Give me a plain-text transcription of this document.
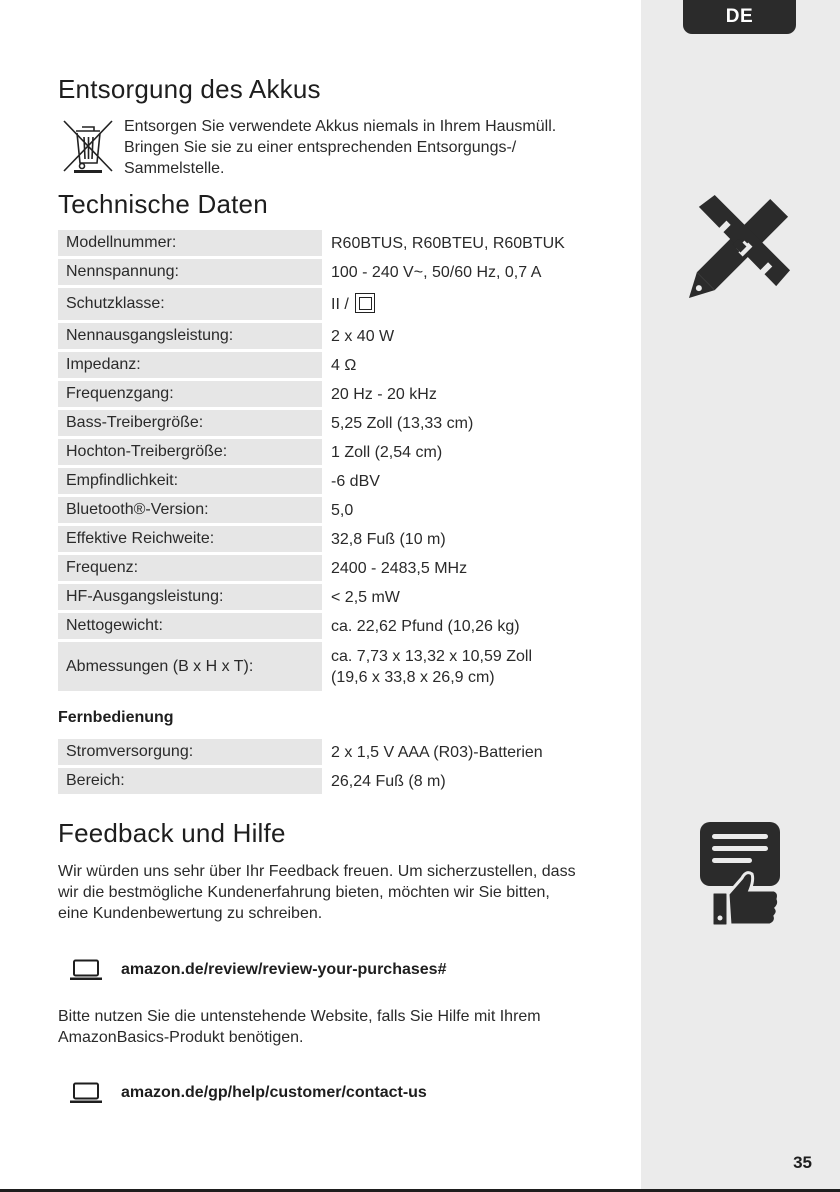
DE
Entsorgung des Akkus
Entsorgen Sie verwendete Akkus niemals in Ihrem Hausmüll.
Bringen Sie sie zu einer entsprechenden Entsorgungs-/
Sammelstelle.
Technische Daten
Modellnummer:	R60BTUS, R60BTEU, R60BTUK
Nennspannung:	100 - 240 V~, 50/60 Hz, 0,7 A
Schutzklasse:	II /
Nennausgangsleistung:	2 x 40 W
Impedanz:	4 Ω
Frequenzgang:	20 Hz - 20 kHz
Bass-Treibergröße:	5,25 Zoll (13,33 cm)
Hochton-Treibergröße:	1 Zoll (2,54 cm)
Empfindlichkeit:	-6 dBV
Bluetooth®-Version:	5,0
Effektive Reichweite:	32,8 Fuß (10 m)
Frequenz:	2400 - 2483,5 MHz
HF-Ausgangsleistung:	< 2,5 mW
Nettogewicht:	ca. 22,62 Pfund (10,26 kg)
Abmessungen (B x H x T):	ca. 7,73 x 13,32 x 10,59 Zoll
(19,6 x 33,8 x 26,9 cm)
Fernbedienung
Stromversorgung:	2 x 1,5 V AAA (R03)-Batterien
Bereich:	26,24 Fuß (8 m)
Feedback und Hilfe
Wir würden uns sehr über Ihr Feedback freuen. Um sicherzustellen, dass
wir die bestmögliche Kundenerfahrung bieten, möchten wir Sie bitten,
eine Kundenbewertung zu schreiben.
amazon.de/review/review-your-purchases#
Bitte nutzen Sie die untenstehende Website, falls Sie Hilfe mit Ihrem
AmazonBasics-Produkt benötigen.
amazon.de/gp/help/customer/contact-us
35
